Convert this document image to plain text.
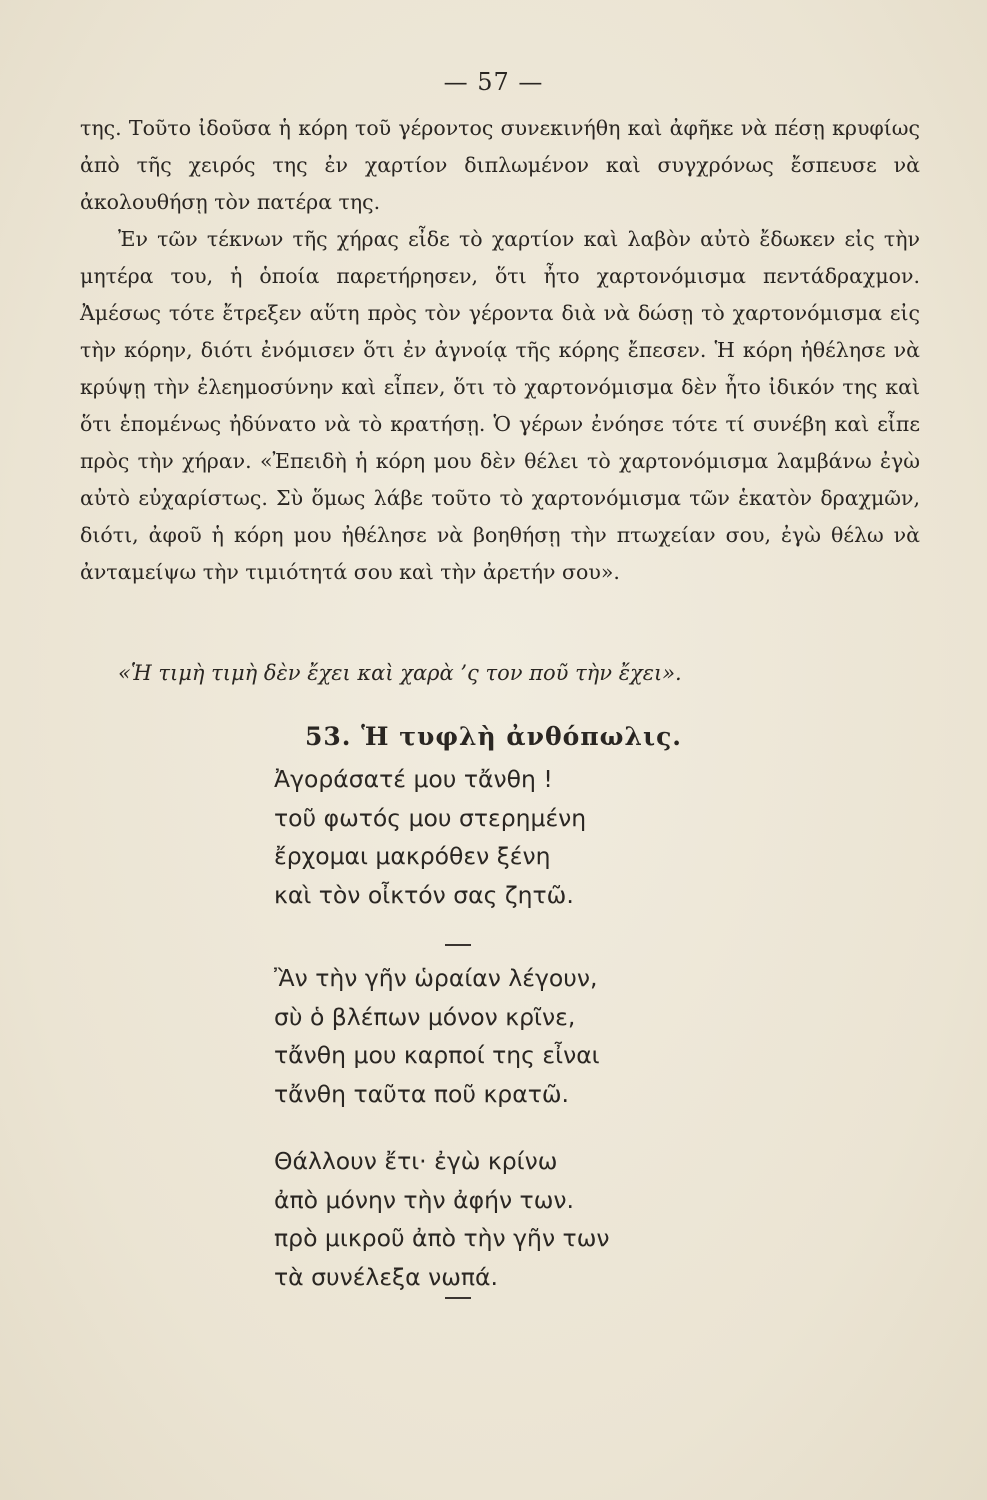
— 57 —

της. Τοῦτο ἰδοῦσα ἡ κόρη τοῦ γέροντος συνεκινήθη καὶ ἀφῆκε νὰ πέσῃ κρυφίως ἀπὸ τῆς χειρός της ἐν χαρτίον διπλωμένον καὶ συγχρόνως ἔσπευσε νὰ ἀκολουθήσῃ τὸν πατέρα της.

Ἐν τῶν τέκνων τῆς χήρας εἶδε τὸ χαρτίον καὶ λαβὸν αὐτὸ ἔδωκεν εἰς τὴν μητέρα του, ἡ ὁποία παρετήρησεν, ὅτι ἦτο χαρτονόμισμα πεντάδραχμον. Ἀμέσως τότε ἔτρεξεν αὕτη πρὸς τὸν γέροντα διὰ νὰ δώσῃ τὸ χαρτονόμισμα εἰς τὴν κόρην, διότι ἐνόμισεν ὅτι ἐν ἀγνοίᾳ τῆς κόρης ἔπεσεν. Ἡ κόρη ἠθέλησε νὰ κρύψῃ τὴν ἐλεημοσύνην καὶ εἶπεν, ὅτι τὸ χαρτονόμισμα δὲν ἦτο ἰδικόν της καὶ ὅτι ἑπομένως ἠδύνατο νὰ τὸ κρατήσῃ. Ὁ γέρων ἐνόησε τότε τί συνέβη καὶ εἶπε πρὸς τὴν χήραν. «Ἐπειδὴ ἡ κόρη μου δὲν θέλει τὸ χαρτονόμισμα λαμβάνω ἐγὼ αὐτὸ εὐχαρίστως. Σὺ ὅμως λάβε τοῦτο τὸ χαρτονόμισμα τῶν ἑκατὸν δραχμῶν, διότι, ἀφοῦ ἡ κόρη μου ἠθέλησε νὰ βοηθήσῃ τὴν πτωχείαν σου, ἐγὼ θέλω νὰ ἀνταμείψω τὴν τιμιότητά σου καὶ τὴν ἀρετήν σου».

«Ἡ τιμὴ τιμὴ δὲν ἔχει καὶ χαρὰ ’ς τον ποῦ τὴν ἔχει».
53. Ἡ τυφλὴ ἀνθόπωλις.
Ἀγοράσατέ μου τἄνθη !
τοῦ φωτός μου στερημένη
ἔρχομαι μακρόθεν ξένη
καὶ τὸν οἶκτόν σας ζητῶ.
Ἂν τὴν γῆν ὡραίαν λέγουν,
σὺ ὁ βλέπων μόνον κρῖνε,
τἄνθη μου καρποί της εἶναι
τἄνθη ταῦτα ποῦ κρατῶ.
Θάλλουν ἔτι· ἐγὼ κρίνω
ἀπὸ μόνην τὴν ἀφήν των.
πρὸ μικροῦ ἀπὸ τὴν γῆν των
τὰ συνέλεξα νωπά.
